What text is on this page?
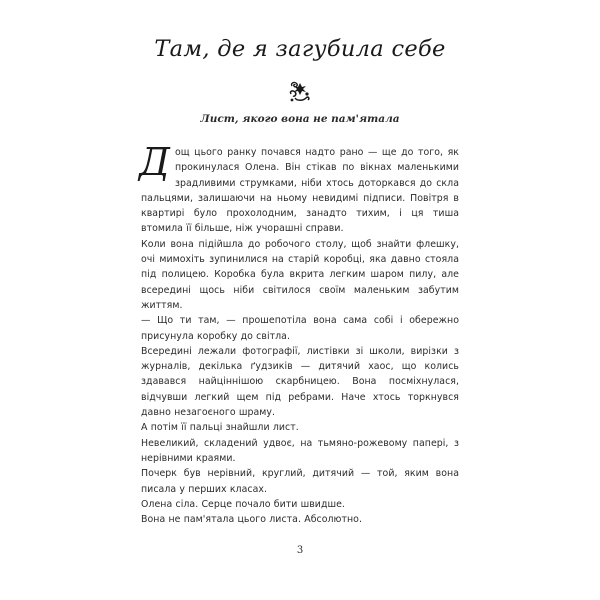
Там, де я загубила себе
Лист, якого вона не пам'ятала

Дощ цього ранку почався надто рано — ще до того, як прокинулася Олена. Він стікав по вікнах маленькими зрадливими струмками, ніби хтось доторкався до скла пальцями, залишаючи на ньому невидимі підписи. Повітря в квартирі було прохолодним, занадто тихим, і ця тиша втомила її більше, ніж учорашні справи.

Коли вона підійшла до робочого столу, щоб знайти флешку, очі мимохіть зупинилися на старій коробці, яка давно стояла під полицею. Коробка була вкрита легким шаром пилу, але всередині щось ніби світилося своїм маленьким забутим життям.

— Що ти там, — прошепотіла вона сама собі і обережно присунула коробку до світла.

Всередині лежали фотографії, листівки зі школи, вирізки з журналів, декілька ґудзиків — дитячий хаос, що колись здавався найціннішою скарбницею. Вона посміхнулася, відчувши легкий щем під ребрами. Наче хтось торкнувся давно незагоєного шраму.

А потім її пальці знайшли лист.

Невеликий, складений удвоє, на тьмяно-рожевому папері, з нерівними краями.

Почерк був нерівний, круглий, дитячий — той, яким вона писала у перших класах.

Олена сіла. Серце почало бити швидше.

Вона не пам'ятала цього листа. Абсолютно.

3
